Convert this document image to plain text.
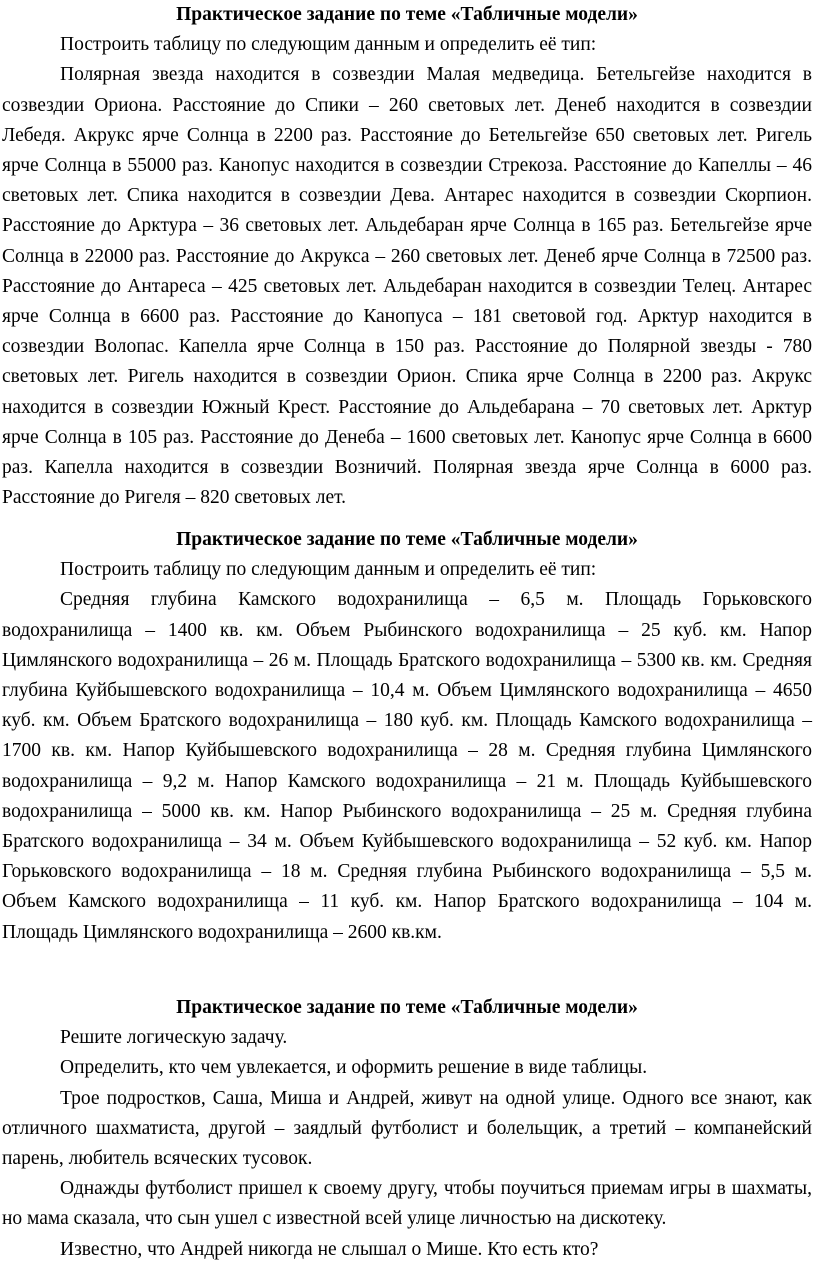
Практическое задание по теме «Табличные модели»

Построить таблицу по следующим данным и определить её тип:

Полярная звезда находится в созвездии Малая медведица. Бетельгейзе находится в созвездии Ориона. Расстояние до Спики – 260 световых лет. Денеб находится в созвездии Лебедя. Акрукс ярче Солнца в 2200 раз. Расстояние до Бетельгейзе 650 световых лет. Ригель ярче Солнца в 55000 раз. Канопус находится в созвездии Стрекоза. Расстояние до Капеллы – 46 световых лет. Спика находится в созвездии Дева. Антарес находится в созвездии Скорпион. Расстояние до Арктура – 36 световых лет. Альдебаран ярче Солнца в 165 раз. Бетельгейзе ярче Солнца в 22000 раз. Расстояние до Акрукса – 260 световых лет. Денеб ярче Солнца в 72500 раз. Расстояние до Антареса – 425 световых лет. Альдебаран находится в созвездии Телец. Антарес ярче Солнца в 6600 раз. Расстояние до Канопуса – 181 световой год. Арктур находится в созвездии Волопас. Капелла ярче Солнца в 150 раз. Расстояние до Полярной звезды - 780 световых лет. Ригель находится в созвездии Орион. Спика ярче Солнца в 2200 раз. Акрукс находится в созвездии Южный Крест. Расстояние до Альдебарана – 70 световых лет. Арктур ярче Солнца в 105 раз. Расстояние до Денеба – 1600 световых лет. Канопус ярче Солнца в 6600 раз. Капелла находится в созвездии Возничий. Полярная звезда ярче Солнца в 6000 раз. Расстояние до Ригеля – 820 световых лет.

Практическое задание по теме «Табличные модели»

Построить таблицу по следующим данным и определить её тип:

Средняя глубина Камского водохранилища – 6,5 м. Площадь Горьковского водохранилища – 1400 кв. км. Объем Рыбинского водохранилища – 25 куб. км. Напор Цимлянского водохранилища – 26 м. Площадь Братского водохранилища – 5300 кв. км. Средняя глубина Куйбышевского водохранилища – 10,4 м. Объем Цимлянского водохранилища – 4650 куб. км. Объем Братского водохранилища – 180 куб. км. Площадь Камского водохранилища – 1700 кв. км. Напор Куйбышевского водохранилища – 28 м. Средняя глубина Цимлянского водохранилища – 9,2 м. Напор Камского водохранилища – 21 м. Площадь Куйбышевского водохранилища – 5000 кв. км. Напор Рыбинского водохранилища – 25 м. Средняя глубина Братского водохранилища – 34 м. Объем Куйбышевского водохранилища – 52 куб. км. Напор Горьковского водохранилища – 18 м. Средняя глубина Рыбинского водохранилища – 5,5 м. Объем Камского водохранилища – 11 куб. км. Напор Братского водохранилища – 104 м. Площадь Цимлянского водохранилища – 2600 кв.км.

Практическое задание по теме «Табличные модели»

Решите логическую задачу.

Определить, кто чем увлекается, и оформить решение в виде таблицы.

Трое подростков, Саша, Миша и Андрей, живут на одной улице. Одного все знают, как отличного шахматиста, другой – заядлый футболист и болельщик, а третий – компанейский парень, любитель всяческих тусовок.

Однажды футболист пришел к своему другу, чтобы поучиться приемам игры в шахматы, но мама сказала, что сын ушел с известной всей улице личностью на дискотеку.

Известно, что Андрей никогда не слышал о Мише. Кто есть кто?
